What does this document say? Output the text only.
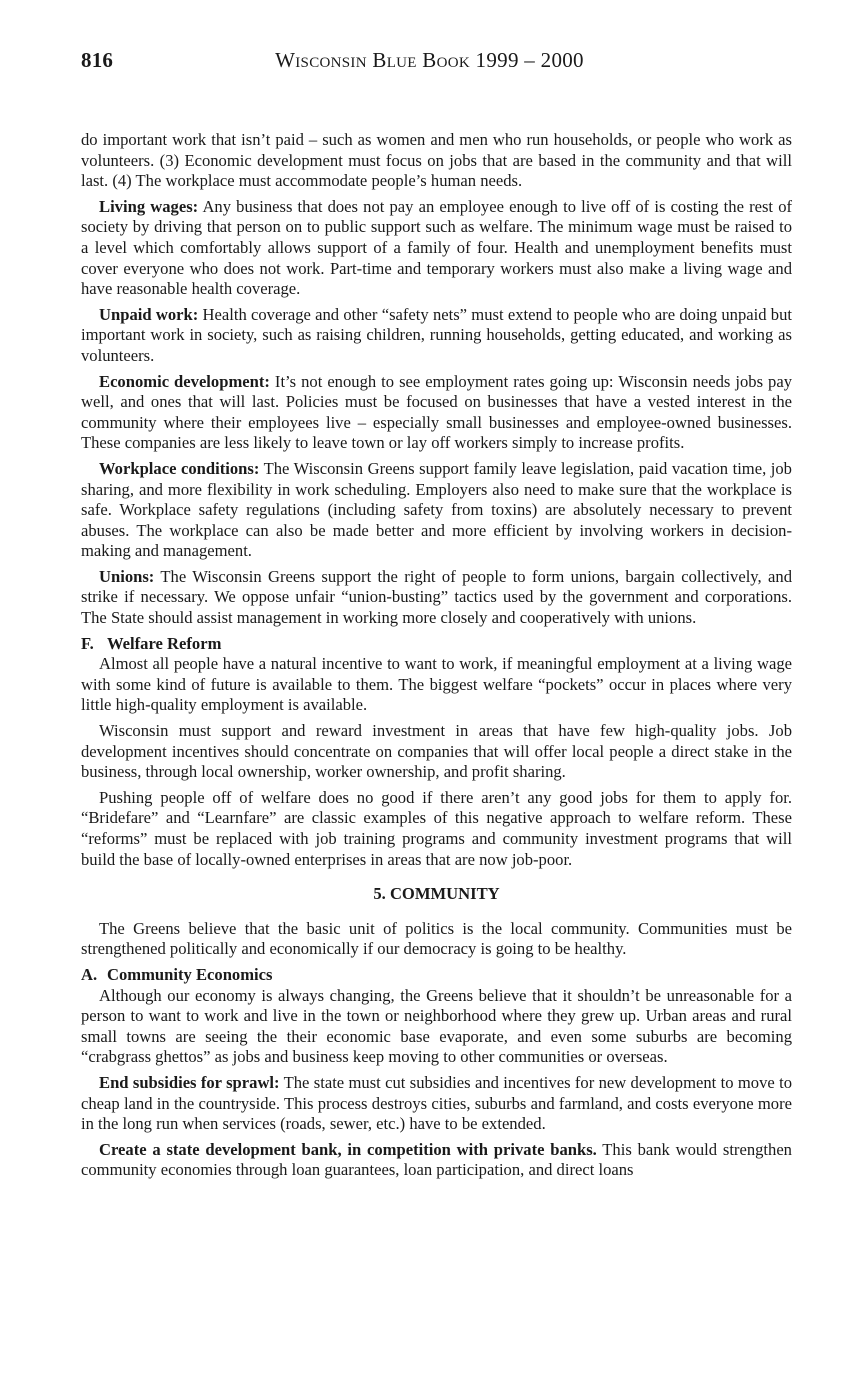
816	Wisconsin Blue Book 1999 – 2000

do important work that isn’t paid – such as women and men who run households, or people who work as volunteers. (3) Economic development must focus on jobs that are based in the community and that will last. (4) The workplace must accommodate people’s human needs.

Living wages: Any business that does not pay an employee enough to live off of is costing the rest of society by driving that person on to public support such as welfare. The minimum wage must be raised to a level which comfortably allows support of a family of four. Health and unemployment benefits must cover everyone who does not work. Part-time and temporary workers must also make a living wage and have reasonable health coverage.

Unpaid work: Health coverage and other “safety nets” must extend to people who are doing unpaid but important work in society, such as raising children, running households, getting educated, and working as volunteers.

Economic development: It’s not enough to see employment rates going up: Wisconsin needs jobs pay well, and ones that will last. Policies must be focused on businesses that have a vested interest in the community where their employees live – especially small businesses and employee-owned businesses. These companies are less likely to leave town or lay off workers simply to increase profits.

Workplace conditions: The Wisconsin Greens support family leave legislation, paid vacation time, job sharing, and more flexibility in work scheduling. Employers also need to make sure that the workplace is safe. Workplace safety regulations (including safety from toxins) are absolutely necessary to prevent abuses. The workplace can also be made better and more efficient by involving workers in decision-making and management.

Unions: The Wisconsin Greens support the right of people to form unions, bargain collectively, and strike if necessary. We oppose unfair “union-busting” tactics used by the government and corporations. The State should assist management in working more closely and cooperatively with unions.

F. Welfare Reform

Almost all people have a natural incentive to want to work, if meaningful employment at a living wage with some kind of future is available to them. The biggest welfare “pockets” occur in places where very little high-quality employment is available.

Wisconsin must support and reward investment in areas that have few high-quality jobs. Job development incentives should concentrate on companies that will offer local people a direct stake in the business, through local ownership, worker ownership, and profit sharing.

Pushing people off of welfare does no good if there aren’t any good jobs for them to apply for. “Bridefare” and “Learnfare” are classic examples of this negative approach to welfare reform. These “reforms” must be replaced with job training programs and community investment programs that will build the base of locally-owned enterprises in areas that are now job-poor.

5. COMMUNITY

The Greens believe that the basic unit of politics is the local community. Communities must be strengthened politically and economically if our democracy is going to be healthy.

A. Community Economics

Although our economy is always changing, the Greens believe that it shouldn’t be unreasonable for a person to want to work and live in the town or neighborhood where they grew up. Urban areas and rural small towns are seeing the their economic base evaporate, and even some suburbs are becoming “crabgrass ghettos” as jobs and business keep moving to other communities or overseas.

End subsidies for sprawl: The state must cut subsidies and incentives for new development to move to cheap land in the countryside. This process destroys cities, suburbs and farmland, and costs everyone more in the long run when services (roads, sewer, etc.) have to be extended.

Create a state development bank, in competition with private banks. This bank would strengthen community economies through loan guarantees, loan participation, and direct loans
